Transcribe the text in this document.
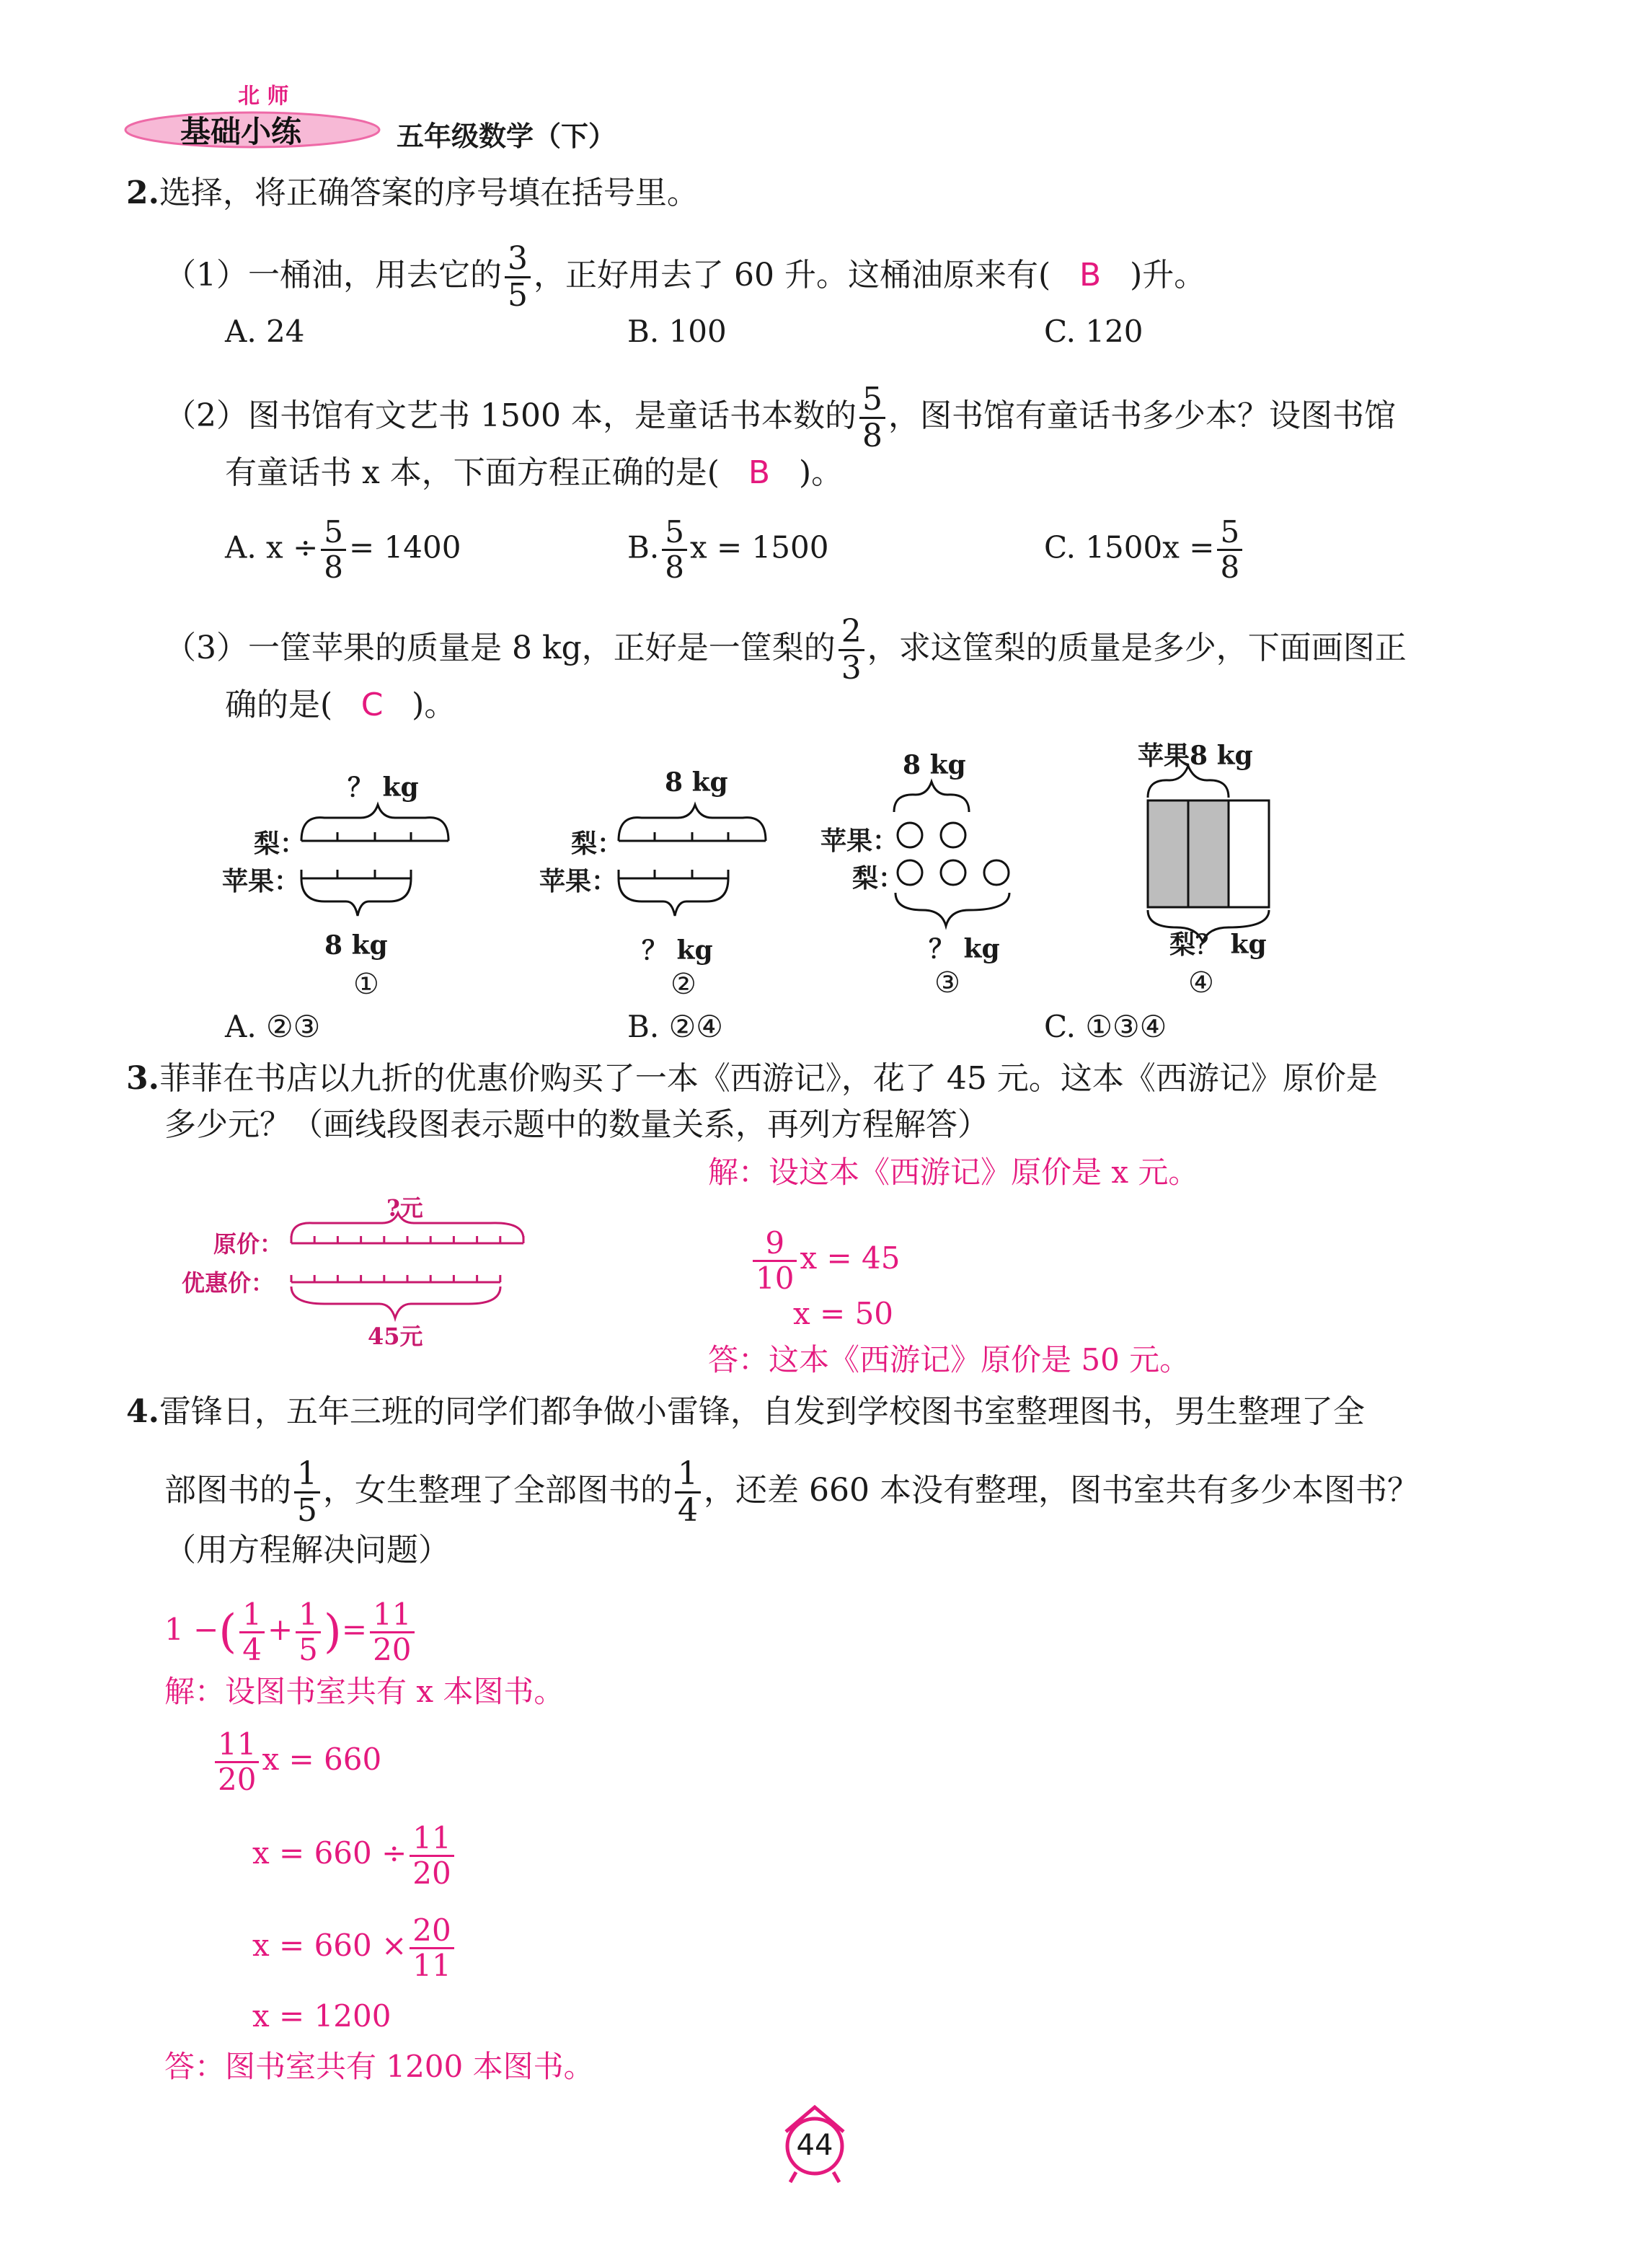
北 师
基础小练	五年级数学（下）
2.选择，将正确答案的序号填在括号里。
（1）一桶油，用去它的 $\frac{3}{5}$ ，正好用去了 60 升。这桶油原来有( B )升。
A. 24	B. 100	C. 120
（2）图书馆有文艺书 1500 本，是童话书本数的 $\frac{5}{8}$ ，图书馆有童话书多少本？设图书馆
有童话书 x 本，下面方程正确的是( B )。
A. $x \div \frac{5}{8} = 1400$	B. $\frac{5}{8}$ x = 1500	C. $1500x = \frac{5}{8}$
（3）一筐苹果的质量是 8 kg，正好是一筐梨的 $\frac{2}{3}$ ，求这筐梨的质量是多少，下面画图正
确的是( C )。
？ kg
梨：
苹果：
8 kg
①
8 kg
梨：
苹果：
？ kg
②
8 kg
苹果：
梨：
？ kg
③
苹果8 kg
梨？ kg
④
A. ②③	B. ②④	C. ①③④
3.菲菲在书店以九折的优惠价购买了一本《西游记》，花了 45 元。这本《西游记》原价是
多少元？（画线段图表示题中的数量关系，再列方程解答）
?元
原价：
优惠价：
45元
解：设这本《西游记》原价是 x 元。
$\frac{9}{10}$ x = 45
x = 50
答：这本《西游记》原价是 50 元。
4.雷锋日，五年三班的同学们都争做小雷锋，自发到学校图书室整理图书，男生整理了全
部图书的 $\frac{1}{5}$ ，女生整理了全部图书的 $\frac{1}{4}$ ，还差 660 本没有整理，图书室共有多少本图书？
（用方程解决问题）
1 −( $\frac{1}{4} + \frac{1}{5}$ )= $\frac{11}{20}$
解：设图书室共有 x 本图书。
$\frac{11}{20}$ x = 660
$x = 660 \div \frac{11}{20}$
$x = 660 \times \frac{20}{11}$
x = 1200
答：图书室共有 1200 本图书。
44
